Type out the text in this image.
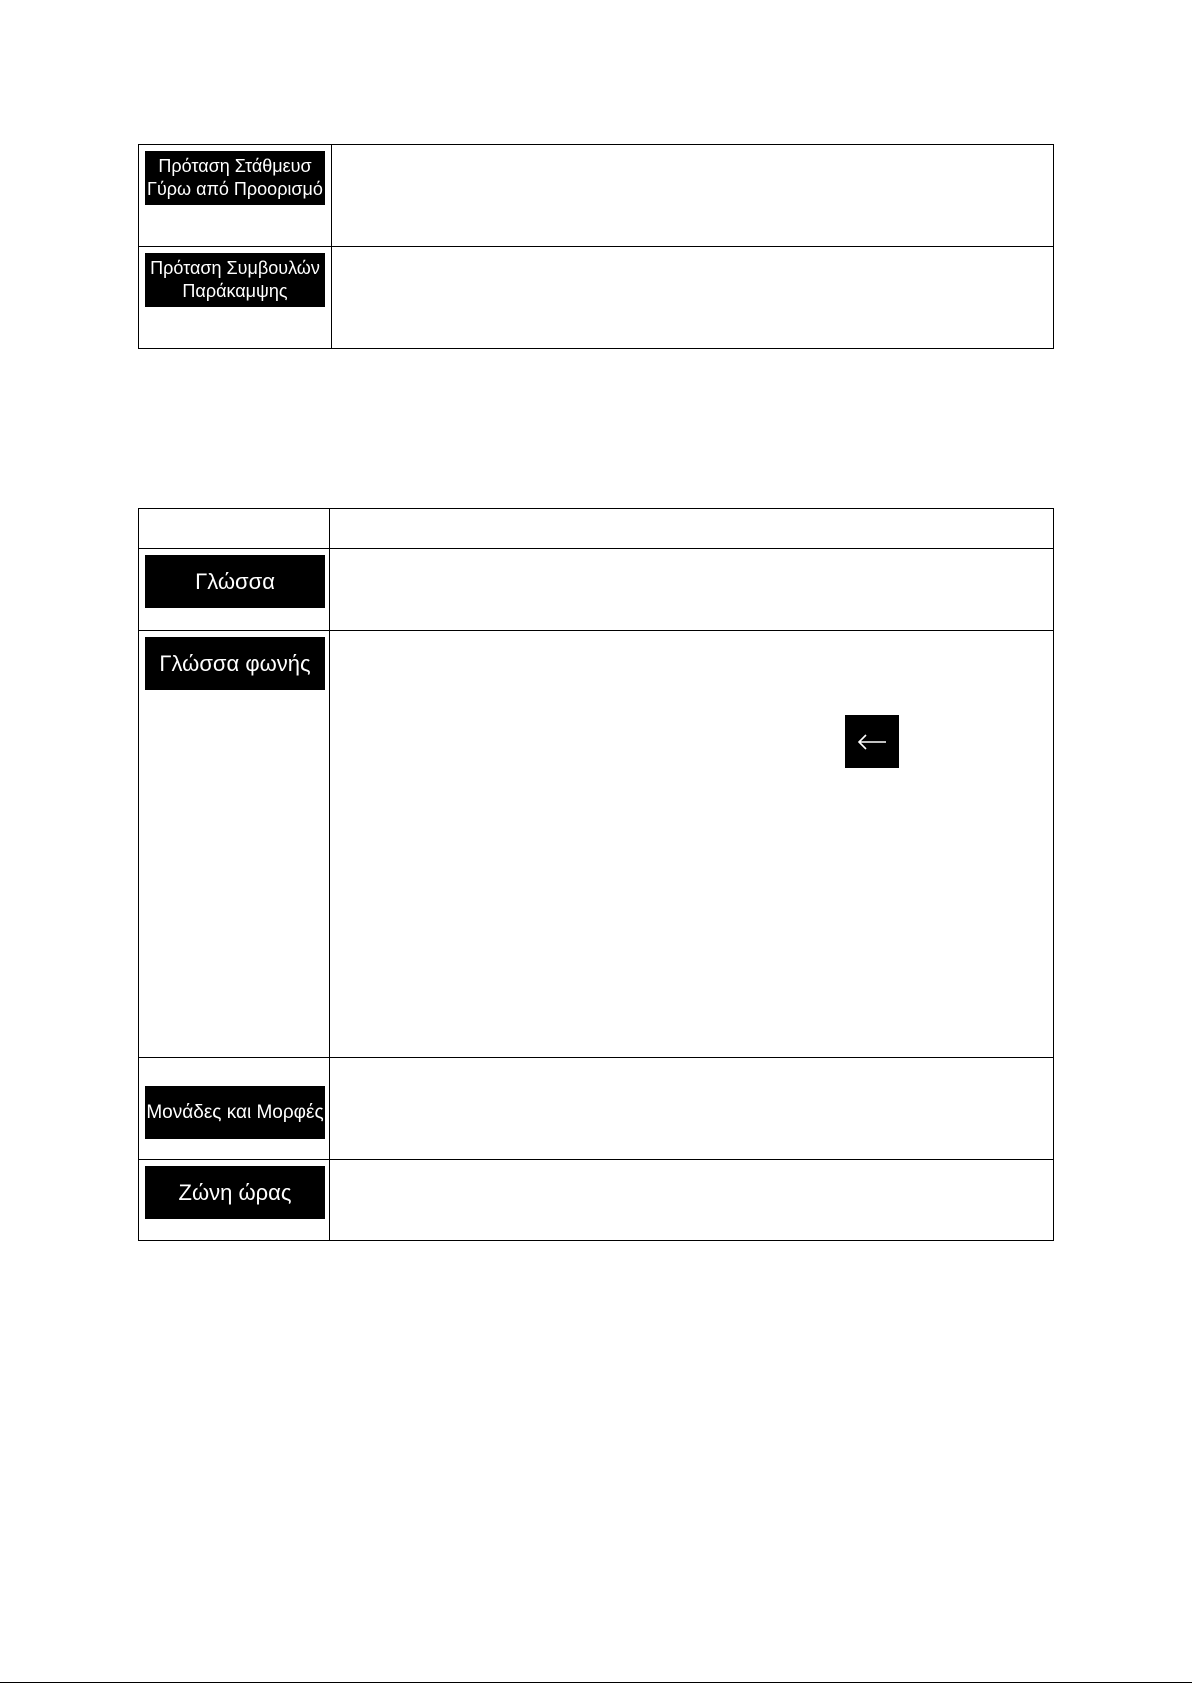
Πρόταση Στάθμευσ
Γύρω από Προορισμό	

Πρόταση Συμβουλών
Παράκαμψης	

Γλώσσα	

Γλώσσα φωνής	

Μονάδες και Μορφές	

Ζώνη ώρας	
